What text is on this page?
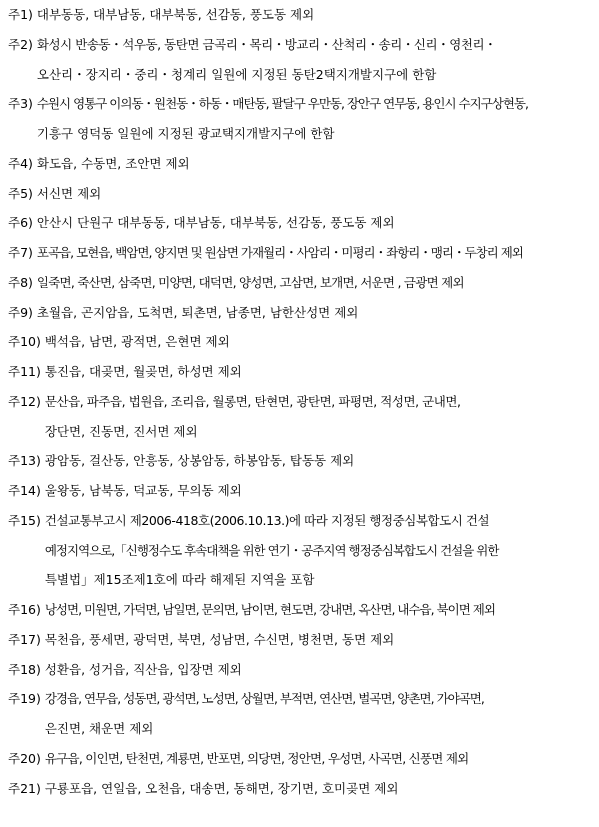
주1) 대부동동, 대부남동, 대부북동, 선감동, 풍도동 제외
주2) 화성시 반송동・석우동, 동탄면 금곡리・목리・방교리・산척리・송리・신리・영천리・
오산리・장지리・중리・청계리 일원에 지정된 동탄2택지개발지구에 한함
주3) 수원시 영통구 이의동・원천동・하동・매탄동, 팔달구 우만동, 장안구 연무동, 용인시 수지구상현동,
기흥구 영덕동 일원에 지정된 광교택지개발지구에 한함
주4) 화도읍, 수동면, 조안면 제외
주5) 서신면 제외
주6) 안산시 단원구 대부동동, 대부남동, 대부북동, 선감동, 풍도동 제외
주7) 포곡읍, 모현읍, 백암면, 양지면 및 원삼면 가재월리・사암리・미평리・좌항리・맹리・두창리 제외
주8) 일죽면, 죽산면, 삼죽면, 미양면, 대덕면, 양성면, 고삼면, 보개면, 서운면 , 금광면 제외
주9) 초월읍, 곤지암읍, 도척면, 퇴촌면, 남종면, 남한산성면 제외
주10) 백석읍, 남면, 광적면, 은현면 제외
주11) 통진읍, 대곶면, 월곶면, 하성면 제외
주12) 문산읍, 파주읍, 법원읍, 조리읍, 월롱면, 탄현면, 광탄면, 파평면, 적성면, 군내면,
장단면, 진동면, 진서면 제외
주13) 광암동, 걸산동, 안흥동, 상봉암동, 하봉암동, 탑동동 제외
주14) 울왕동, 남북동, 덕교동, 무의동 제외
주15) 건설교통부고시 제2006-418호(2006.10.13.)에 따라 지정된 행정중심복합도시 건설
예정지역으로,「신행정수도 후속대책을 위한 연기・공주지역 행정중심복합도시 건설을 위한
특별법」제15조제1호에 따라 해제된 지역을 포함
주16) 낭성면, 미원면, 가덕면, 남일면, 문의면, 남이면, 현도면, 강내면, 옥산면, 내수읍, 북이면 제외
주17) 목천읍, 풍세면, 광덕면, 북면, 성남면, 수신면, 병천면, 동면 제외
주18) 성환읍, 성거읍, 직산읍, 입장면 제외
주19) 강경읍, 연무읍, 성동면, 광석면, 노성면, 상월면, 부적면, 연산면, 벌곡면, 양촌면, 가야곡면,
은진면, 채운면 제외
주20) 유구읍, 이인면, 탄천면, 계룡면, 반포면, 의당면, 정안면, 우성면, 사곡면, 신풍면 제외
주21) 구룡포읍, 연일읍, 오천읍, 대송면, 동해면, 장기면, 호미곶면 제외
